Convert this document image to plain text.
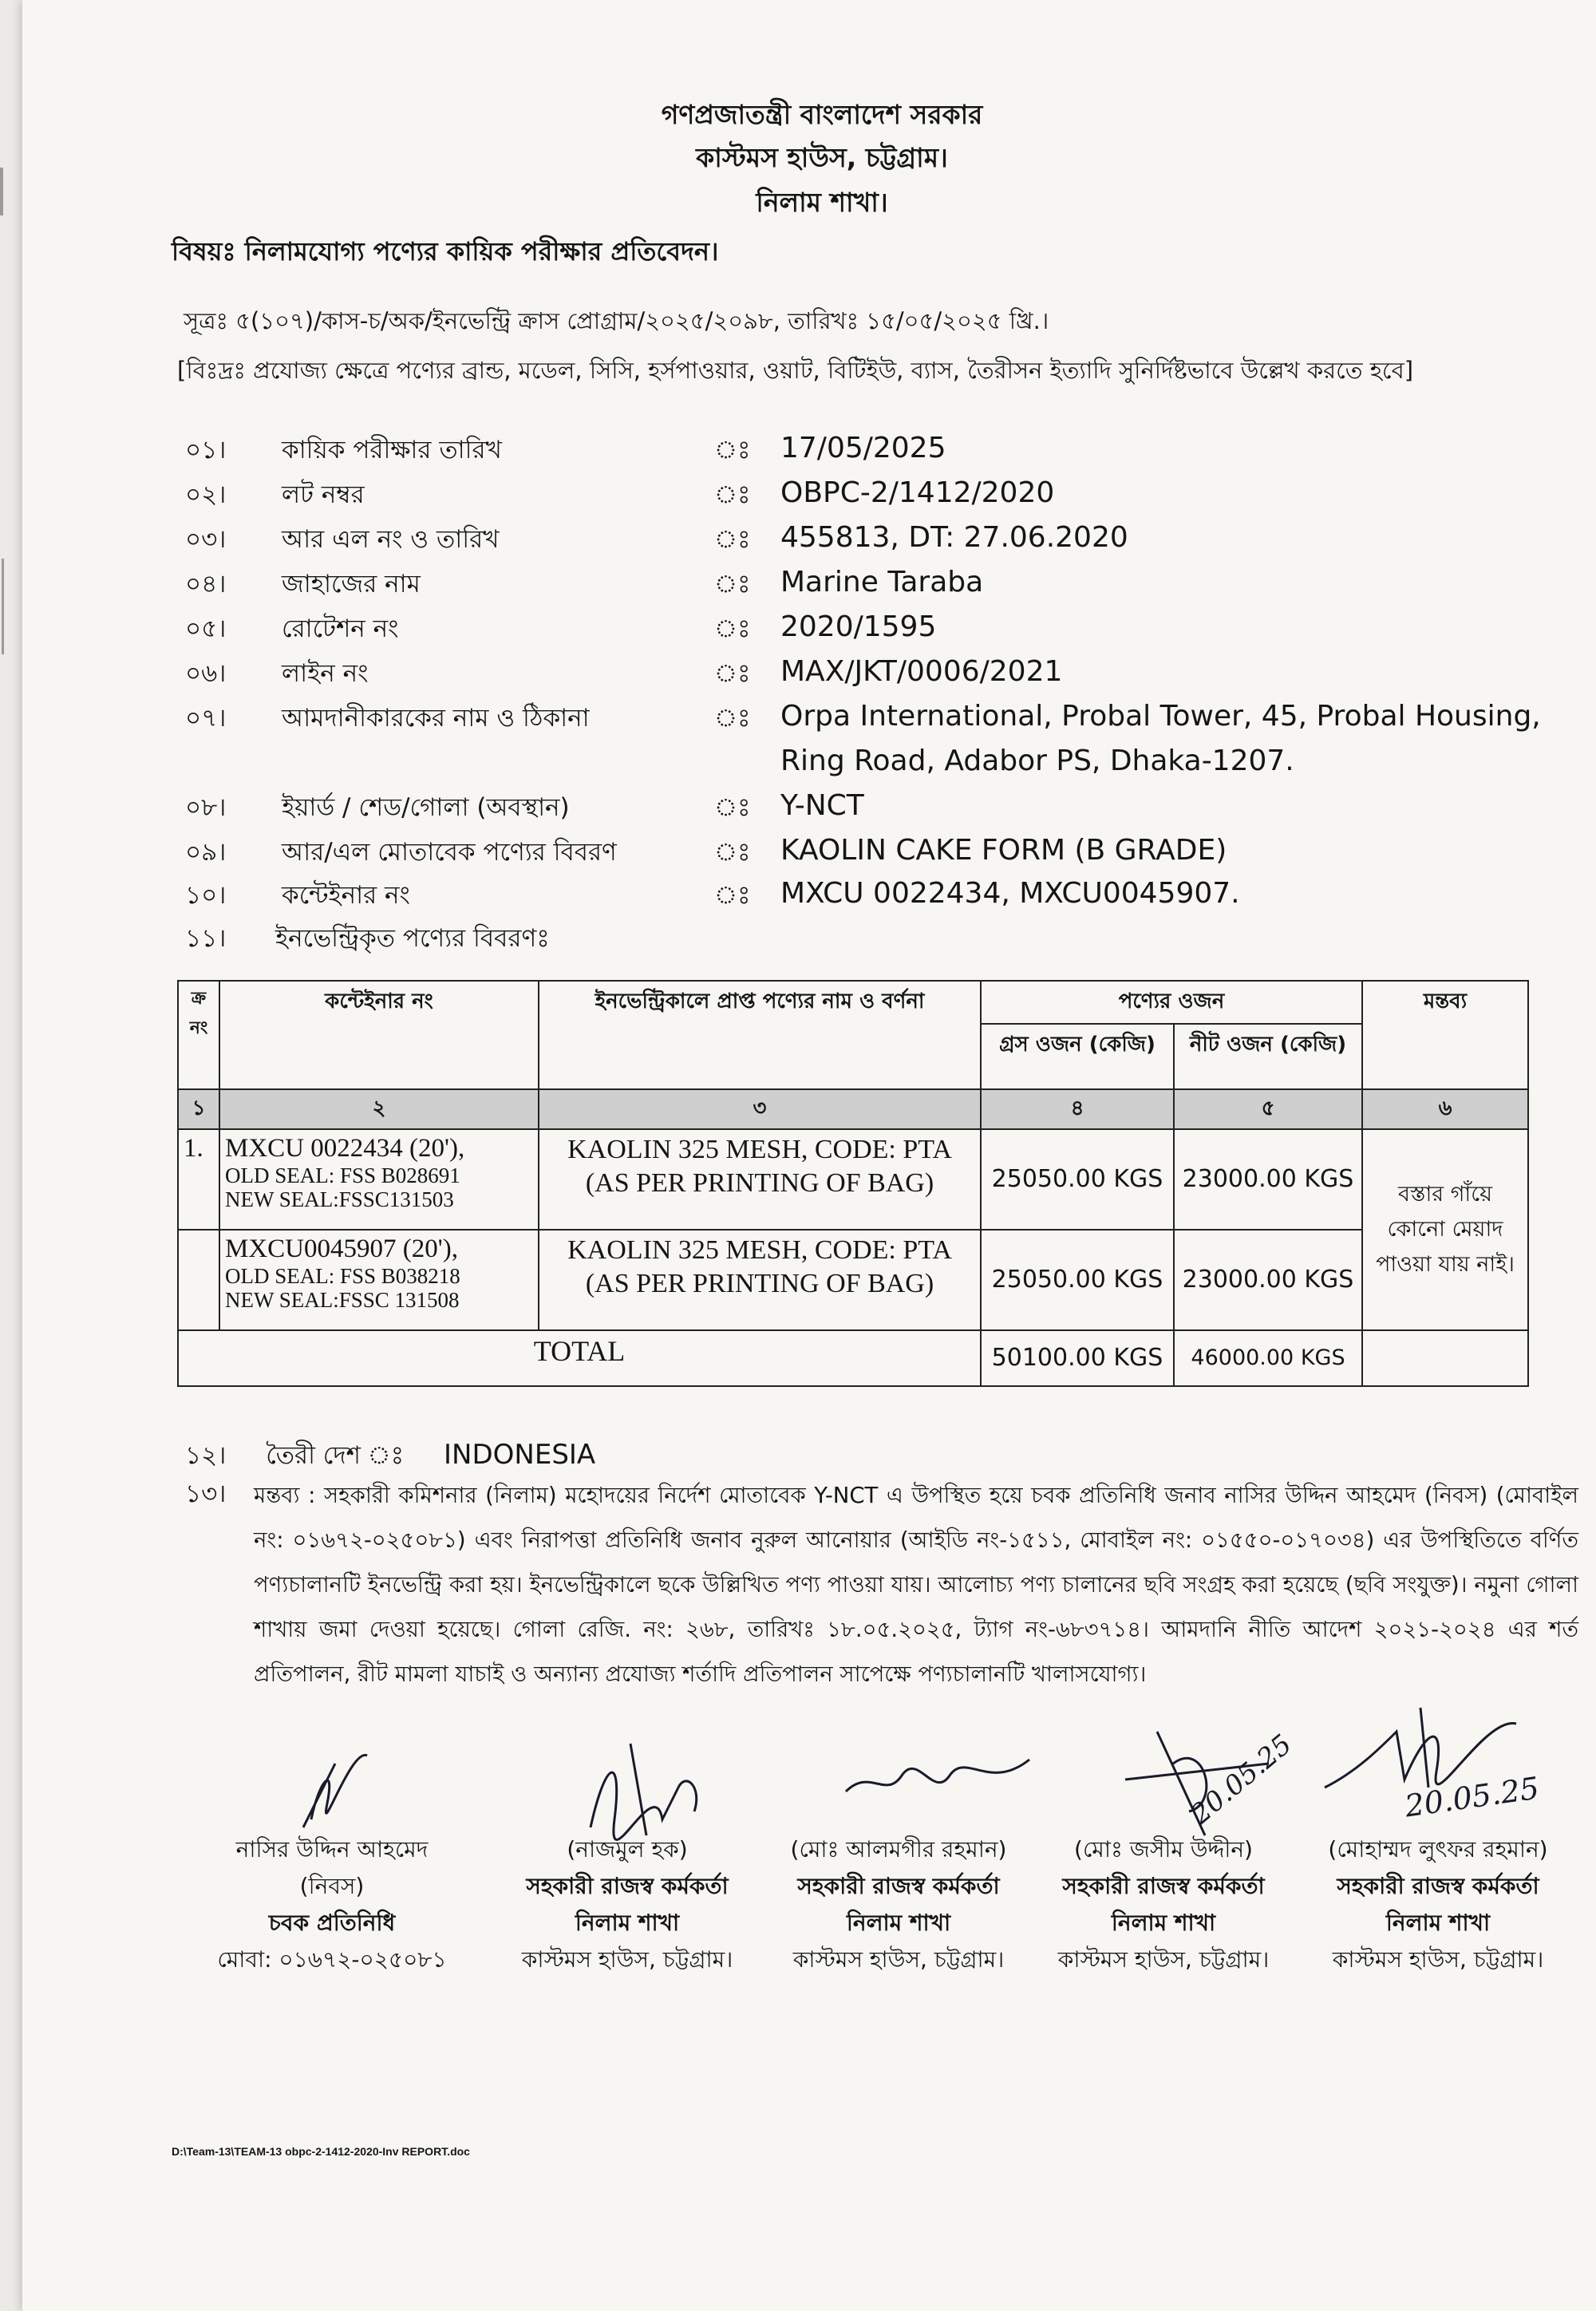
গণপ্রজাতন্ত্রী বাংলাদেশ সরকার
কাস্টমস হাউস, চট্টগ্রাম।
নিলাম শাখা।
বিষয়ঃ নিলামযোগ্য পণ্যের কায়িক পরীক্ষার প্রতিবেদন।
সূত্রঃ ৫(১০৭)/কাস-চ/অক/ইনভেন্ট্রি ক্রাস প্রোগ্রাম/২০২৫/২০৯৮, তারিখঃ ১৫/০৫/২০২৫ খ্রি.।
[বিঃদ্রঃ প্রযোজ্য ক্ষেত্রে পণ্যের ব্রান্ড, মডেল, সিসি, হর্সপাওয়ার, ওয়াট, বিটিইউ, ব্যাস, তৈরীসন ইত্যাদি সুনির্দিষ্টভাবে উল্লেখ করতে হবে]
০১। কায়িক পরীক্ষার তারিখ	ঃ 17/05/2025
০২। লট নম্বর	ঃ OBPC-2/1412/2020
০৩। আর এল নং ও তারিখ	ঃ 455813, DT: 27.06.2020
০৪। জাহাজের নাম	ঃ Marine Taraba
০৫। রোটেশন নং	ঃ 2020/1595
০৬। লাইন নং	ঃ MAX/JKT/0006/2021
০৭। আমদানীকারকের নাম ও ঠিকানা	ঃ Orpa International, Probal Tower, 45, Probal Housing,
Ring Road, Adabor PS, Dhaka-1207.
০৮। ইয়ার্ড / শেড/গোলা (অবস্থান)	ঃ Y-NCT
০৯। আর/এল মোতাবেক পণ্যের বিবরণ	ঃ KAOLIN CAKE FORM (B GRADE)
১০। কন্টেইনার নং	ঃ MXCU 0022434, MXCU0045907.
১১। ইনভেন্ট্রিকৃত পণ্যের বিবরণঃ
ক্র নং	কন্টেইনার নং	ইনভেন্ট্রিকালে প্রাপ্ত পণ্যের নাম ও বর্ণনা	পণ্যের ওজন		মন্তব্য
			গ্রস ওজন (কেজি)	নীট ওজন (কেজি)	
১	২	৩	৪	৫	৬
1.	MXCU 0022434 (20'),
OLD SEAL: FSS B028691
NEW SEAL:FSSC131503	KAOLIN 325 MESH, CODE: PTA (AS PER PRINTING OF BAG)	25050.00 KGS	23000.00 KGS	বস্তার গাঁয়ে কোনো মেয়াদ পাওয়া যায় নাই।

	MXCU0045907 (20'),
OLD SEAL: FSS B038218
NEW SEAL:FSSC 131508	KAOLIN 325 MESH, CODE: PTA (AS PER PRINTING OF BAG)	25050.00 KGS	23000.00 KGS	
TOTAL			50100.00 KGS	46000.00 KGS	
১২। তৈরী দেশ ঃ INDONESIA
১৩। মন্তব্য : সহকারী কমিশনার (নিলাম) মহোদয়ের নির্দেশ মোতাবেক Y-NCT এ উপস্থিত হয়ে চবক প্রতিনিধি জনাব নাসির উদ্দিন আহমেদ (নিবস) (মোবাইল নং: ০১৬৭২-০২৫০৮১) এবং নিরাপত্তা প্রতিনিধি জনাব নুরুল আনোয়ার (আইডি নং-১৫১১, মোবাইল নং: ০১৫৫০-০১৭০৩৪) এর উপস্থিতিতে বর্ণিত পণ্যচালানটি ইনভেন্ট্রি করা হয়। ইনভেন্ট্রিকালে ছকে উল্লিখিত পণ্য পাওয়া যায়। আলোচ্য পণ্য চালানের ছবি সংগ্রহ করা হয়েছে (ছবি সংযুক্ত)। নমুনা গোলা শাখায় জমা দেওয়া হয়েছে। গোলা রেজি. নং: ২৬৮, তারিখঃ ১৮.০৫.২০২৫, ট্যাগ নং-৬৮৩৭১৪। আমদানি নীতি আদেশ ২০২১-২০২৪ এর শর্ত প্রতিপালন, রীট মামলা যাচাই ও অন্যান্য প্রযোজ্য শর্তাদি প্রতিপালন সাপেক্ষে পণ্যচালানটি খালাসযোগ্য।
20.05.25	20.05.25
নাসির উদ্দিন আহমেদ
(নিবস)
চবক প্রতিনিধি
মোবা: ০১৬৭২-০২৫০৮১
(নাজমুল হক)
সহকারী রাজস্ব কর্মকর্তা
নিলাম শাখা
কাস্টমস হাউস, চট্টগ্রাম।
(মোঃ আলমগীর রহমান)
সহকারী রাজস্ব কর্মকর্তা
নিলাম শাখা
কাস্টমস হাউস, চট্টগ্রাম।
(মোঃ জসীম উদ্দীন)
সহকারী রাজস্ব কর্মকর্তা
নিলাম শাখা
কাস্টমস হাউস, চট্টগ্রাম।
(মোহাম্মদ লুৎফর রহমান)
সহকারী রাজস্ব কর্মকর্তা
নিলাম শাখা
কাস্টমস হাউস, চট্টগ্রাম।
D:\Team-13\TEAM-13 obpc-2-1412-2020-Inv REPORT.doc
